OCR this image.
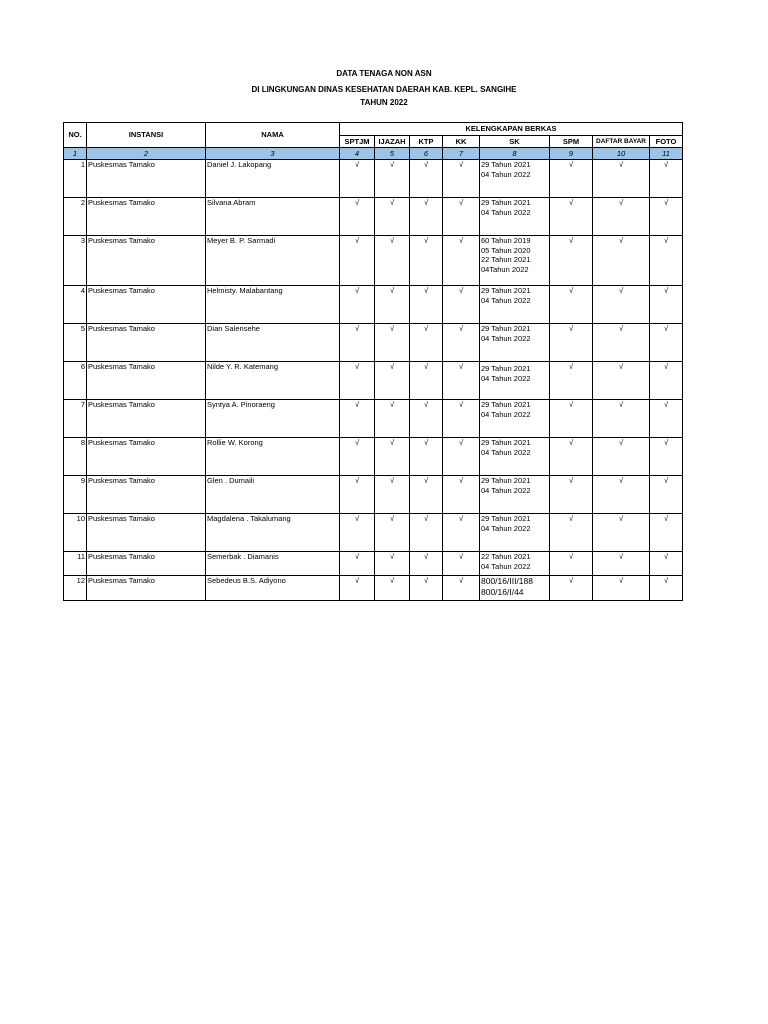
DATA TENAGA NON ASN
DI LINGKUNGAN DINAS KESEHATAN DAERAH KAB. KEPL. SANGIHE
TAHUN 2022
NO.	INSTANSI	NAMA	KELENGKAPAN BERKAS							
			SPTJM	IJAZAH	KTP	KK	SK	SPM	DAFTAR BAYAR	FOTO
1	2	3	4	5	6	7	8	9	10	11
1	Puskesmas Tamako	Daniel J. Lakopang	√	√	√	√	29 Tahun 2021
04 Tahun 2022	√	√	√
2	Puskesmas Tamako	Silvana Abram	√	√	√	√	29 Tahun 2021
04 Tahun 2022	√	√	√
3	Puskesmas Tamako	Meyer B. P. Sarmadi	√	√	√	√	60 Tahun 2019
05 Tahun 2020
22 Tahun 2021
04Tahun 2022	√	√	√
4	Puskesmas Tamako	Helmisty. Malabantang	√	√	√	√	29 Tahun 2021
04 Tahun 2022	√	√	√
5	Puskesmas Tamako	Dian Salensehe	√	√	√	√	29 Tahun 2021
04 Tahun 2022	√	√	√
6	Puskesmas Tamako	Nilde Y. R. Katemang	√	√	√	√	29 Tahun 2021
04 Tahun 2022	√	√	√
7	Puskesmas Tamako	Syntya A. Pinoraeng	√	√	√	√	29 Tahun 2021
04 Tahun 2022	√	√	√
8	Puskesmas Tamako	Rollie W. Korong	√	√	√	√	29 Tahun 2021
04 Tahun 2022	√	√	√
9	Puskesmas Tamako	Glen . Dumaili	√	√	√	√	29 Tahun 2021
04 Tahun 2022	√	√	√
10	Puskesmas Tamako	Magdalena . Takalumang	√	√	√	√	29 Tahun 2021
04 Tahun 2022	√	√	√
11	Puskesmas Tamako	Semerbak . Diamanis	√	√	√	√	22 Tahun 2021
04 Tahun 2022	√	√	√
12	Puskesmas Tamako	Sebedeus B.S. Adiyono	√	√	√	√	800/16/III/188
800/16/I/44	√	√	√
